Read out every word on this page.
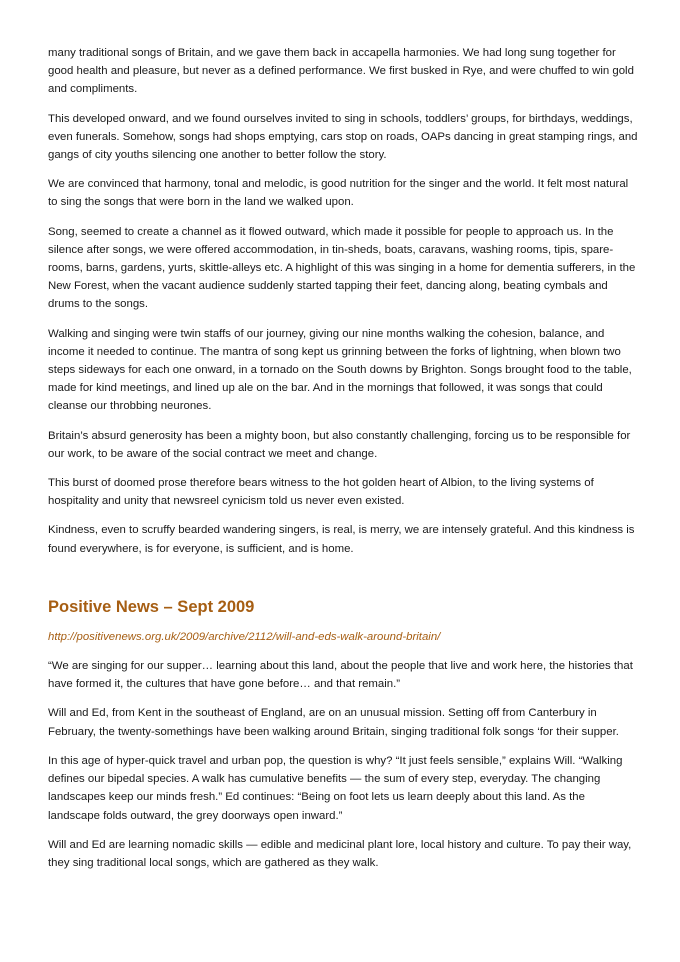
many traditional songs of Britain, and we gave them back in accapella harmonies. We had long sung together for good health and pleasure, but never as a defined performance. We first busked in Rye, and were chuffed to win gold and compliments.

This developed onward, and we found ourselves invited to sing in schools, toddlers’ groups, for birthdays, weddings, even funerals. Somehow, songs had shops emptying, cars stop on roads, OAPs dancing in great stamping rings, and gangs of city youths silencing one another to better follow the story.

We are convinced that harmony, tonal and melodic, is good nutrition for the singer and the world. It felt most natural to sing the songs that were born in the land we walked upon.

Song, seemed to create a channel as it flowed outward, which made it possible for people to approach us. In the silence after songs, we were offered accommodation, in tin-sheds, boats, caravans, washing rooms, tipis, spare-rooms, barns, gardens, yurts, skittle-alleys etc. A highlight of this was singing in a home for dementia sufferers, in the New Forest, when the vacant audience suddenly started tapping their feet, dancing along, beating cymbals and drums to the songs.

Walking and singing were twin staffs of our journey, giving our nine months walking the cohesion, balance, and income it needed to continue. The mantra of song kept us grinning between the forks of lightning, when blown two steps sideways for each one onward, in a tornado on the South downs by Brighton. Songs brought food to the table, made for kind meetings, and lined up ale on the bar. And in the mornings that followed, it was songs that could cleanse our throbbing neurones.

Britain’s absurd generosity has been a mighty boon, but also constantly challenging, forcing us to be responsible for our work, to be aware of the social contract we meet and change.

This burst of doomed prose therefore bears witness to the hot golden heart of Albion, to the living systems of hospitality and unity that newsreel cynicism told us never even existed.

Kindness, even to scruffy bearded wandering singers, is real, is merry, we are intensely grateful. And this kindness is found everywhere, is for everyone, is sufficient, and is home.

Positive News – Sept 2009
http://positivenews.org.uk/2009/archive/2112/will-and-eds-walk-around-britain/

“We are singing for our supper… learning about this land, about the people that live and work here, the histories that have formed it, the cultures that have gone before… and that remain.”

Will and Ed, from Kent in the southeast of England, are on an unusual mission. Setting off from Canterbury in February, the twenty-somethings have been walking around Britain, singing traditional folk songs ‘for their supper.

In this age of hyper-quick travel and urban pop, the question is why? “It just feels sensible,” explains Will. “Walking defines our bipedal species. A walk has cumulative benefits — the sum of every step, everyday. The changing landscapes keep our minds fresh.” Ed continues: “Being on foot lets us learn deeply about this land. As the landscape folds outward, the grey doorways open inward.”

Will and Ed are learning nomadic skills — edible and medicinal plant lore, local history and culture. To pay their way, they sing traditional local songs, which are gathered as they walk.
